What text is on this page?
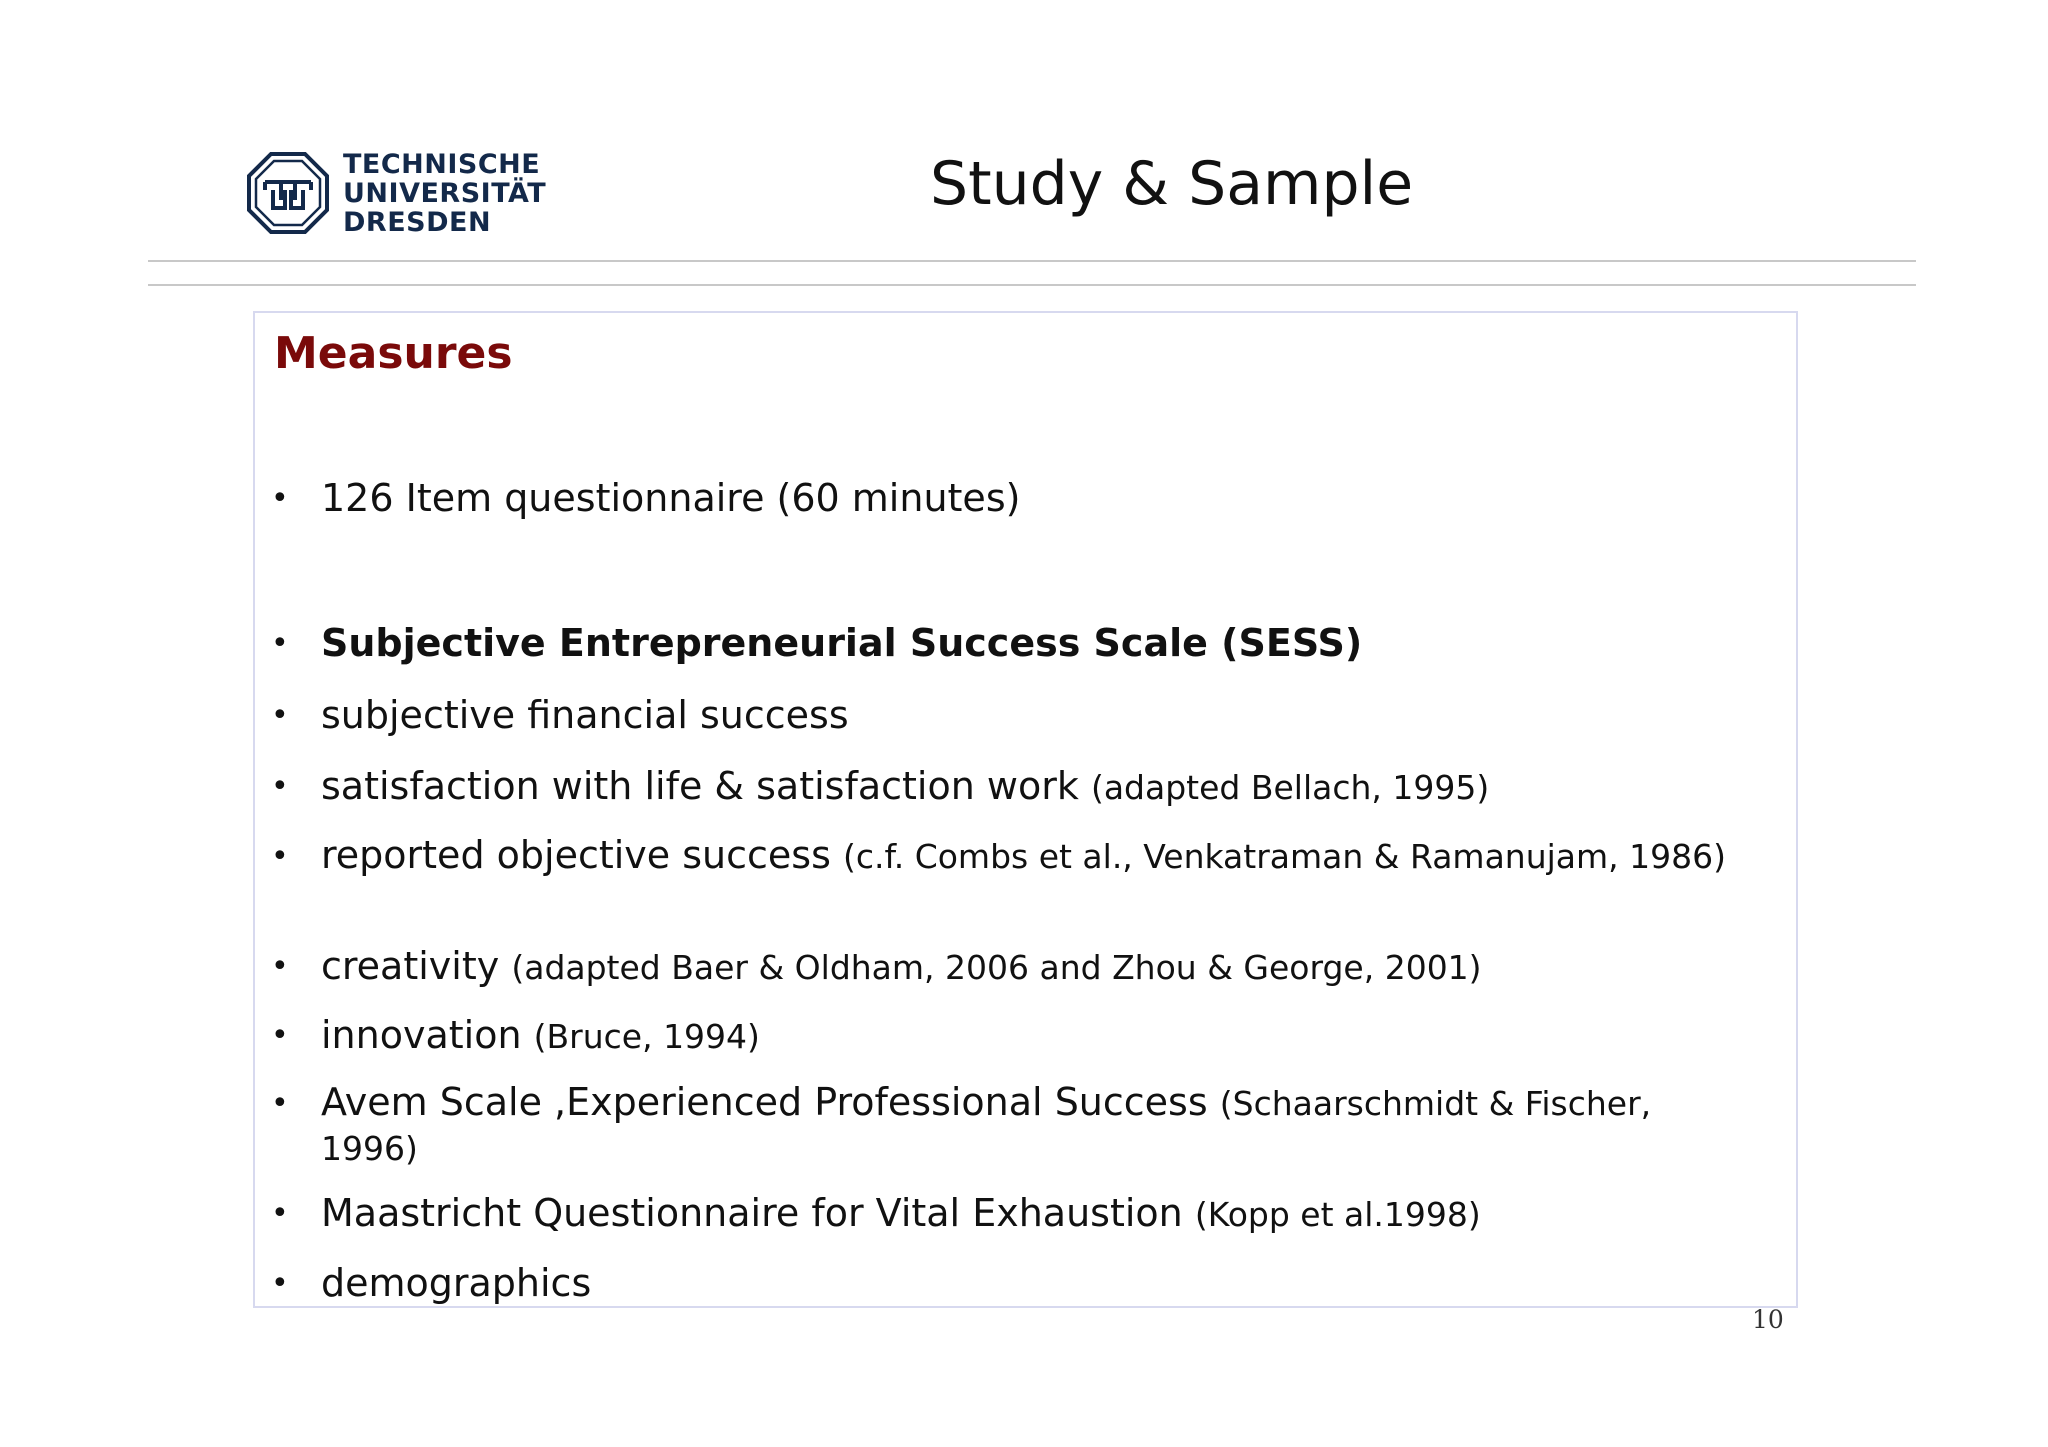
TECHNISCHE
UNIVERSITÄT
DRESDEN
Study & Sample
Measures
• 126 Item questionnaire (60 minutes)
• Subjective Entrepreneurial Success Scale (SESS)
• subjective financial success
• satisfaction with life & satisfaction work (adapted Bellach, 1995)
• reported objective success (c.f. Combs et al., Venkatraman & Ramanujam, 1986)
• creativity (adapted Baer & Oldham, 2006 and Zhou & George, 2001)
• innovation (Bruce, 1994)
• Avem Scale ,Experienced Professional Success (Schaarschmidt & Fischer, 1996)
• Maastricht Questionnaire for Vital Exhaustion (Kopp et al.1998)
• demographics
10
